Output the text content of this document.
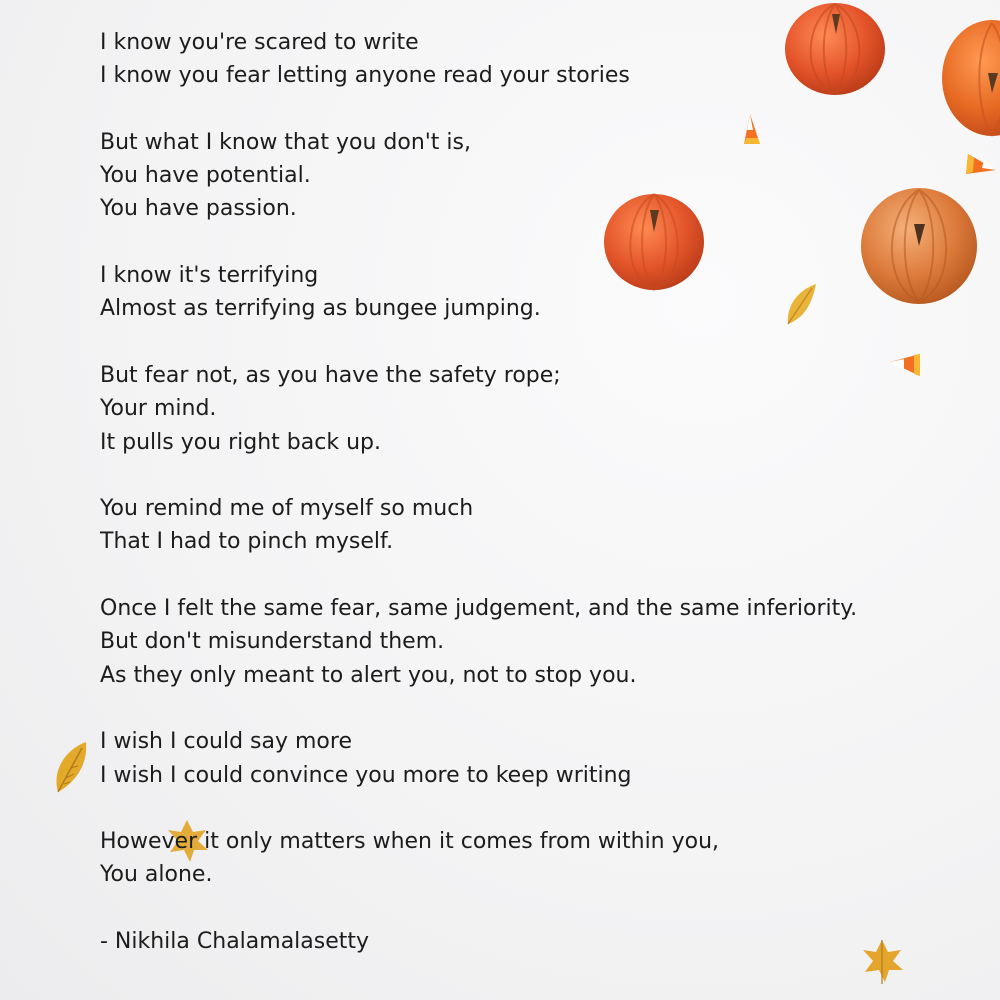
I know you're scared to write
I know you fear letting anyone read your stories
But what I know that you don't is,
You have potential.
You have passion.
I know it's terrifying
Almost as terrifying as bungee jumping.
But fear not, as you have the safety rope;
Your mind.
It pulls you right back up.
You remind me of myself so much
That I had to pinch myself.
Once I felt the same fear, same judgement, and the same inferiority.
But don't misunderstand them.
As they only meant to alert you, not to stop you.
I wish I could say more
I wish I could convince you more to keep writing
However it only matters when it comes from within you,
You alone.
- Nikhila Chalamalasetty
